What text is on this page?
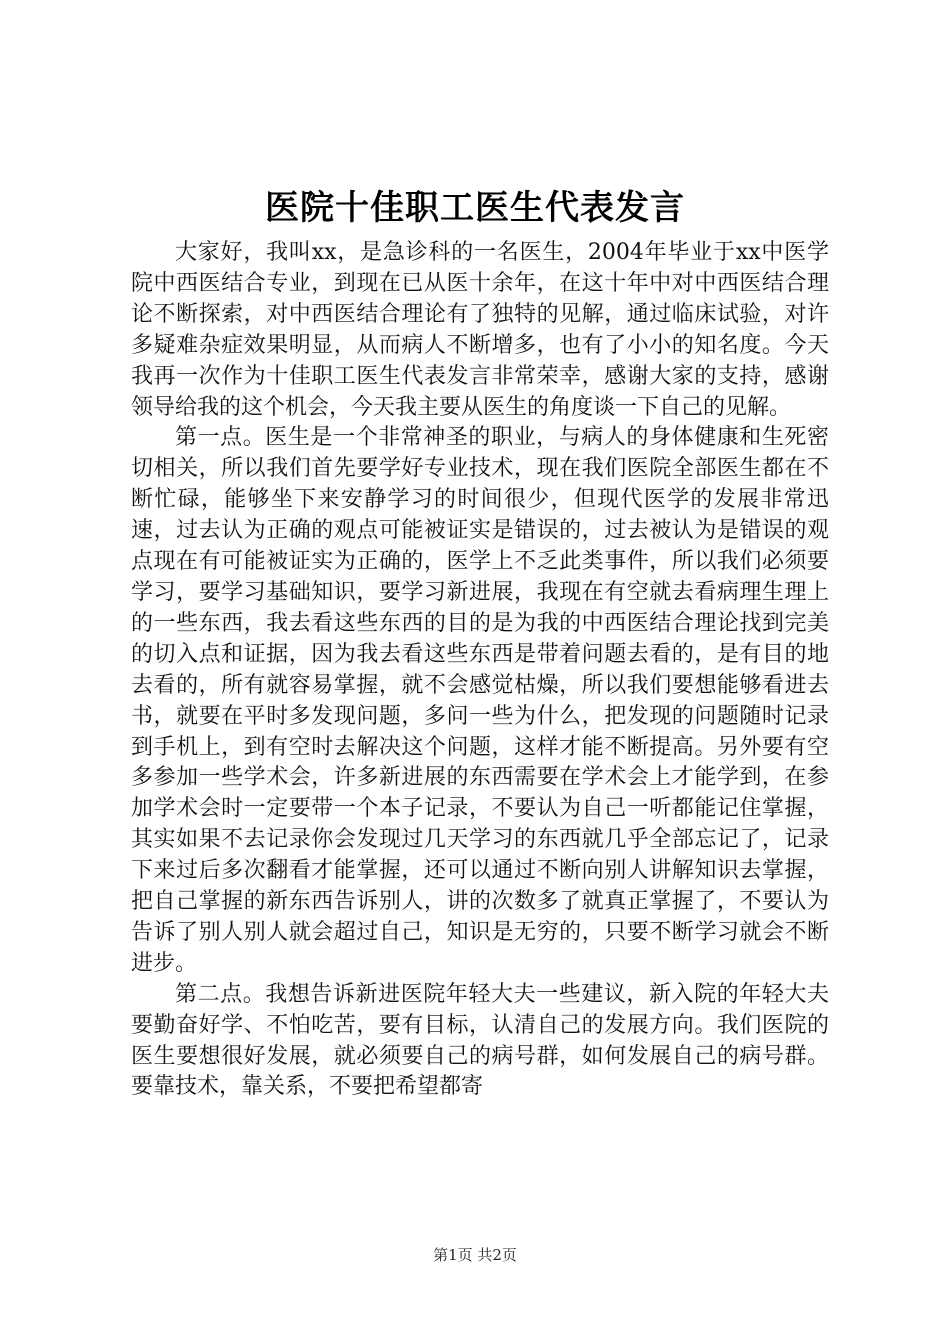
医院十佳职工医生代表发言

大家好，我叫xx，是急诊科的一名医生，2004年毕业于xx中医学院中西医结合专业，到现在已从医十余年，在这十年中对中西医结合理论不断探索，对中西医结合理论有了独特的见解，通过临床试验，对许多疑难杂症效果明显，从而病人不断增多，也有了小小的知名度。今天我再一次作为十佳职工医生代表发言非常荣幸，感谢大家的支持，感谢领导给我的这个机会，今天我主要从医生的角度谈一下自己的见解。

第一点。医生是一个非常神圣的职业，与病人的身体健康和生死密切相关，所以我们首先要学好专业技术，现在我们医院全部医生都在不断忙碌，能够坐下来安静学习的时间很少，但现代医学的发展非常迅速，过去认为正确的观点可能被证实是错误的，过去被认为是错误的观点现在有可能被证实为正确的，医学上不乏此类事件，所以我们必须要学习，要学习基础知识，要学习新进展，我现在有空就去看病理生理上的一些东西，我去看这些东西的目的是为我的中西医结合理论找到完美的切入点和证据，因为我去看这些东西是带着问题去看的，是有目的地去看的，所有就容易掌握，就不会感觉枯燥，所以我们要想能够看进去书，就要在平时多发现问题，多问一些为什么，把发现的问题随时记录到手机上，到有空时去解决这个问题，这样才能不断提高。另外要有空多参加一些学术会，许多新进展的东西需要在学术会上才能学到，在参加学术会时一定要带一个本子记录，不要认为自己一听都能记住掌握，其实如果不去记录你会发现过几天学习的东西就几乎全部忘记了，记录下来过后多次翻看才能掌握，还可以通过不断向别人讲解知识去掌握，把自己掌握的新东西告诉别人，讲的次数多了就真正掌握了，不要认为告诉了别人别人就会超过自己，知识是无穷的，只要不断学习就会不断进步。

第二点。我想告诉新进医院年轻大夫一些建议，新入院的年轻大夫要勤奋好学、不怕吃苦，要有目标，认清自己的发展方向。我们医院的医生要想很好发展，就必须要自己的病号群，如何发展自己的病号群。要靠技术，靠关系，不要把希望都寄

第1页 共2页
